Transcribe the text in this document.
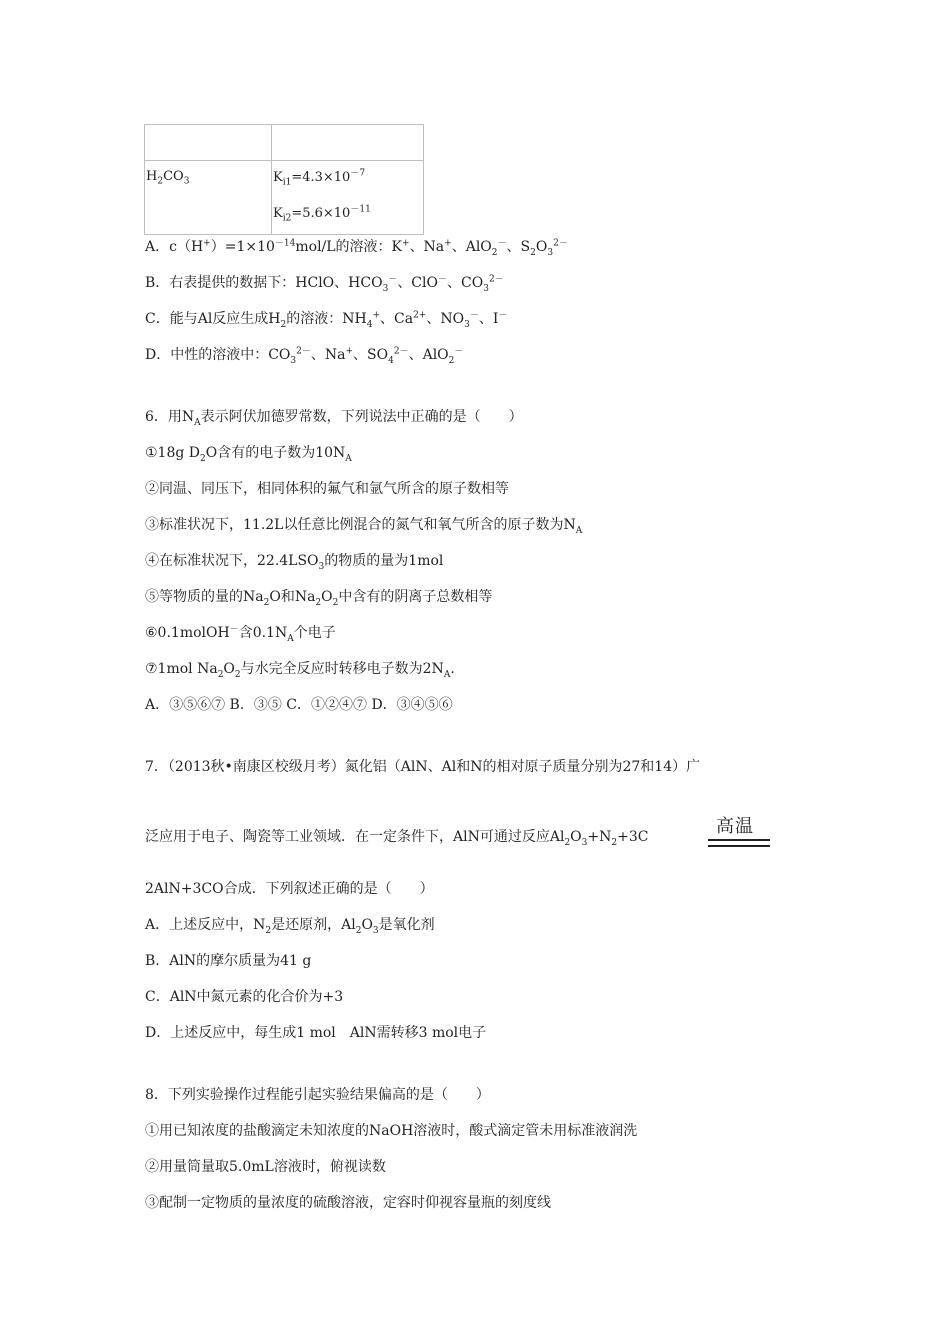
$H_2CO_3$	$K_{i1}=4.3\times 10^{-7}$
$K_{i2}=5.6\times 10^{-11}$
A．$c(H^+)=1\times 10^{-14}mol/L$的溶液：K+、Na+、AlO$_2$－、$S_2O_3^{2-}$
B．右表提供的数据下：HClO、$HCO_3^-$、ClO－、$CO_3^{2-}$
C．能与Al反应生成$H_2$的溶液：$NH_4^+$、$Ca^{2+}$、$NO_3^-$、I－
D．中性的溶液中：$CO_3^{2-}$、Na+、$SO_4^{2-}$、AlO$_2$－
6．用$N_A$表示阿伏加德罗常数，下列说法中正确的是（　　）
①18g $D_2O$含有的电子数为$10N_A$
②同温、同压下，相同体积的氟气和氩气所含的原子数相等
③标准状况下，11.2L以任意比例混合的氮气和氧气所含的原子数为$N_A$
④在标准状况下，$22.4LSO_3$的物质的量为1mol
⑤等物质的量的$Na_2O$和$Na_2O_2$中含有的阴离子总数相等
⑥0.1molOH－含$0.1N_A$个电子
⑦1mol $Na_2O_2$与水完全反应时转移电子数为$2N_A$.
A．③⑤⑥⑦ B．③⑤ C．①②④⑦ D．③④⑤⑥
7．（2013秋•南康区校级月考）氮化铝（AlN、Al和N的相对原子质量分别为27和14）广
泛应用于电子、陶瓷等工业领域．在一定条件下，AlN可通过反应$Al_2O_3+N_2+3C$	高温
2AlN+3CO合成．下列叙述正确的是（　　）
A．上述反应中，$N_2$是还原剂，$Al_2O_3$是氧化剂
B．AlN的摩尔质量为41 g
C．AlN中氮元素的化合价为+3
D．上述反应中，每生成1 mol　AlN需转移3 mol电子
8．下列实验操作过程能引起实验结果偏高的是（　　）
①用已知浓度的盐酸滴定未知浓度的NaOH溶液时，酸式滴定管未用标准液润洗
②用量筒量取5.0mL溶液时，俯视读数
③配制一定物质的量浓度的硫酸溶液，定容时仰视容量瓶的刻度线
